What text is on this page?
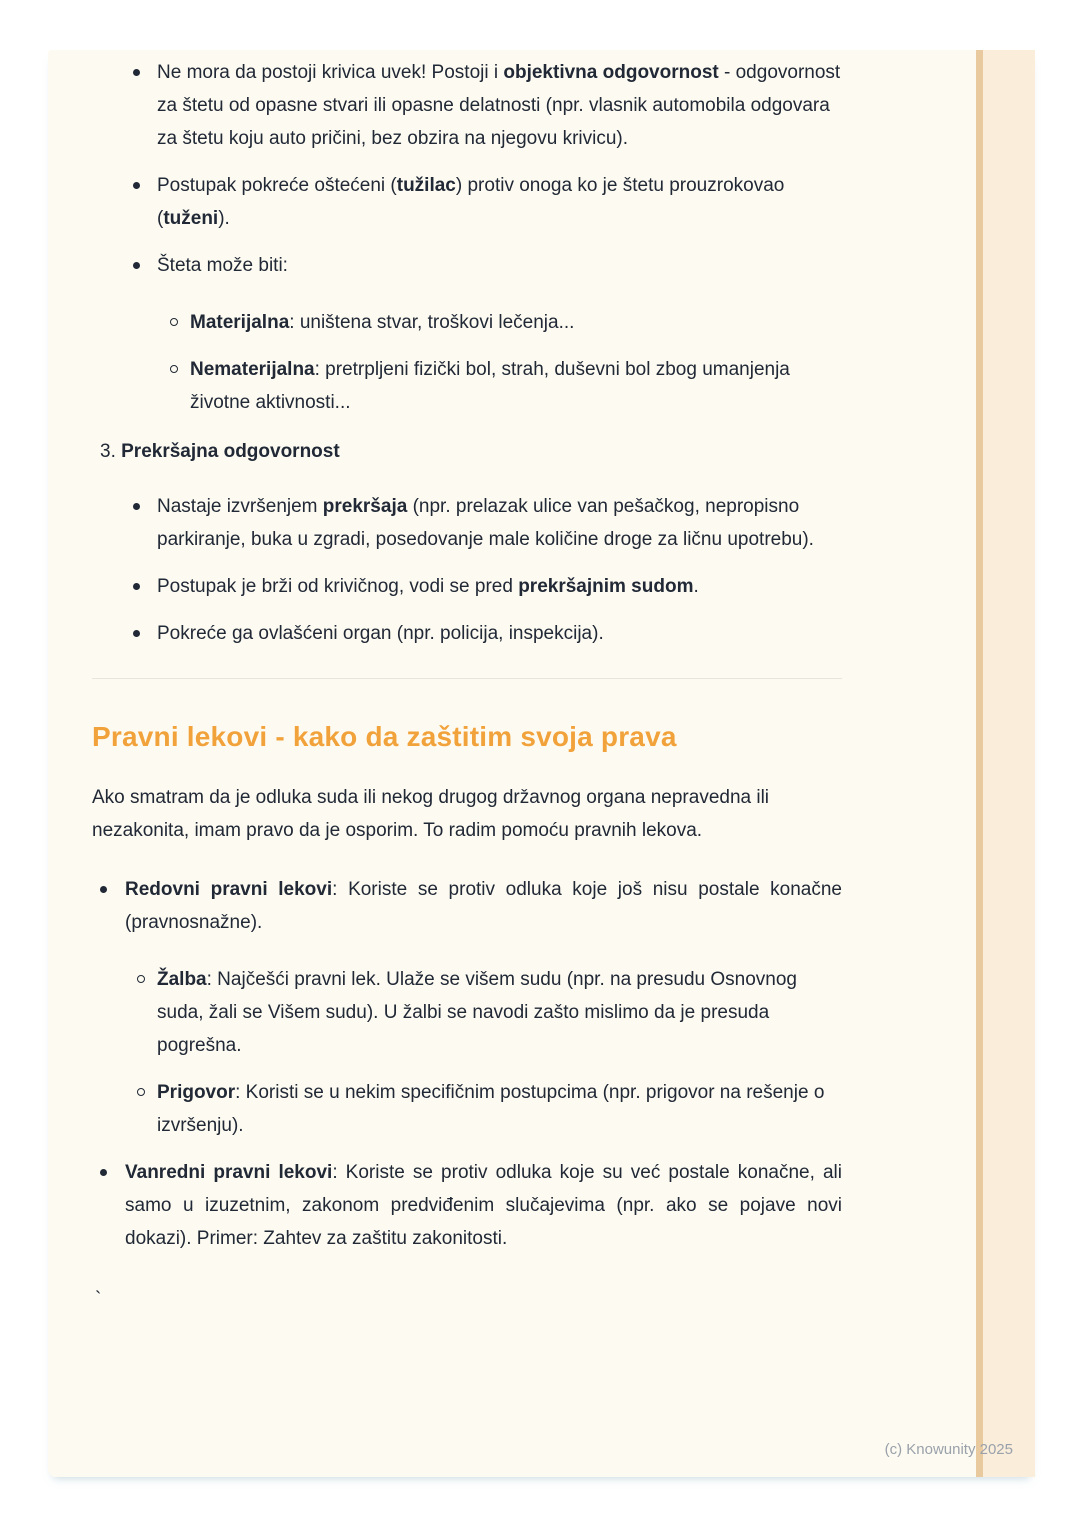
Ne mora da postoji krivica uvek! Postoji i objektivna odgovornost - odgovornost za štetu od opasne stvari ili opasne delatnosti (npr. vlasnik automobila odgovara za štetu koju auto pričini, bez obzira na njegovu krivicu).
Postupak pokreće oštećeni (tužilac) protiv onoga ko je štetu prouzrokovao (tuženi).
Šteta može biti:
Materijalna: uništena stvar, troškovi lečenja...
Nematerijalna: pretrpljeni fizički bol, strah, duševni bol zbog umanjenja životne aktivnosti...
3. Prekršajna odgovornost
Nastaje izvršenjem prekršaja (npr. prelazak ulice van pešačkog, nepropisno parkiranje, buka u zgradi, posedovanje male količine droge za ličnu upotrebu).
Postupak je brži od krivičnog, vodi se pred prekršajnim sudom.
Pokreće ga ovlašćeni organ (npr. policija, inspekcija).
Pravni lekovi - kako da zaštitim svoja prava

Ako smatram da je odluka suda ili nekog drugog državnog organa nepravedna ili nezakonita, imam pravo da je osporim. To radim pomoću pravnih lekova.

Redovni pravni lekovi: Koriste se protiv odluka koje još nisu postale konačne (pravnosnažne).
Žalba: Najčešći pravni lek. Ulaže se višem sudu (npr. na presudu Osnovnog suda, žali se Višem sudu). U žalbi se navodi zašto mislimo da je presuda pogrešna.
Prigovor: Koristi se u nekim specifičnim postupcima (npr. prigovor na rešenje o izvršenju).
Vanredni pravni lekovi: Koriste se protiv odluka koje su već postale konačne, ali samo u izuzetnim, zakonom predviđenim slučajevima (npr. ako se pojave novi dokazi). Primer: Zahtev za zaštitu zakonitosti.
`
(c) Knowunity 2025
